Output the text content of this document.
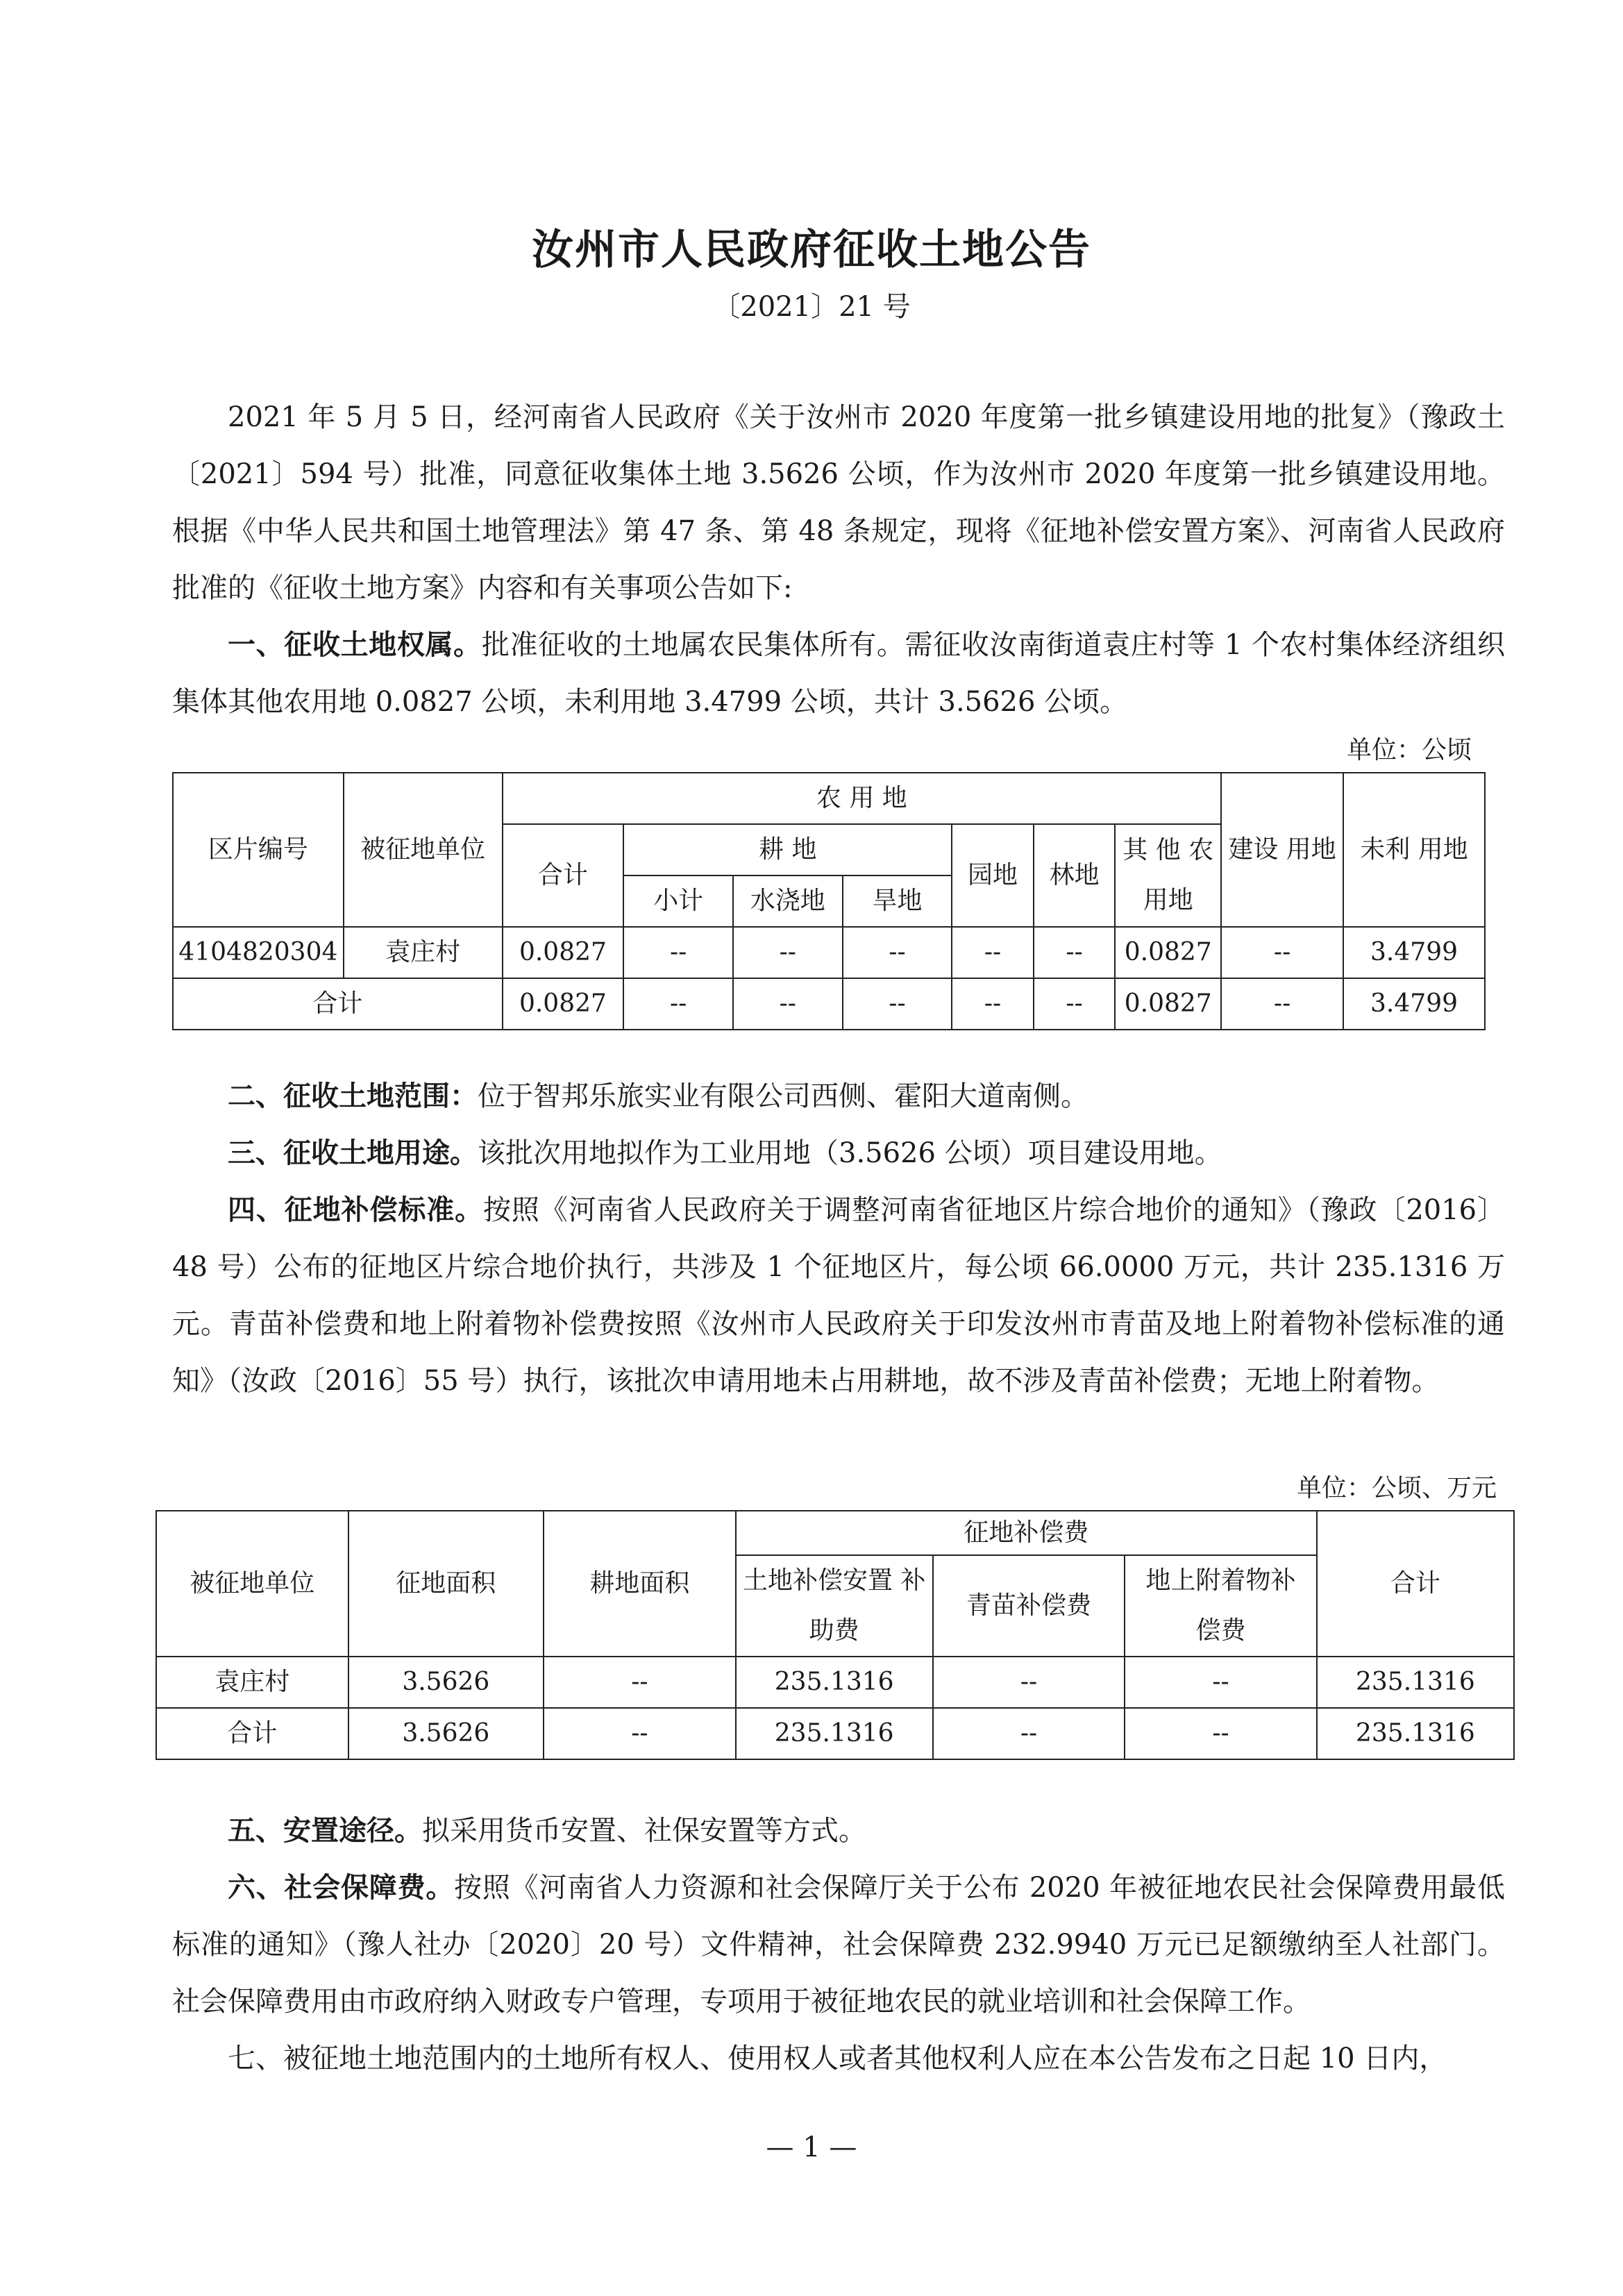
汝州市人民政府征收土地公告
〔2021〕21 号

2021 年 5 月 5 日，经河南省人民政府《关于汝州市 2020 年度第一批乡镇建设用地的批复》（豫政土〔2021〕594 号）批准，同意征收集体土地 3.5626 公顷，作为汝州市 2020 年度第一批乡镇建设用地。根据《中华人民共和国土地管理法》第 47 条、第 48 条规定，现将《征地补偿安置方案》、河南省人民政府批准的《征收土地方案》内容和有关事项公告如下:

一、征收土地权属。批准征收的土地属农民集体所有。需征收汝南街道袁庄村等 1 个农村集体经济组织集体其他农用地 0.0827 公顷，未利用地 3.4799 公顷，共计 3.5626 公顷。

单位：公顷
区片编号	被征地单位	农 用 地							建设 用地	未利 用地
		合计	耕 地			园地	林地	其 他 农用地		
			小计	水浇地	旱地					
4104820304	袁庄村	0.0827	--	--	--	--	--	0.0827	--	3.4799
合计		0.0827	--	--	--	--	--	0.0827	--	3.4799

二、征收土地范围：位于智邦乐旅实业有限公司西侧、霍阳大道南侧。

三、征收土地用途。该批次用地拟作为工业用地（3.5626 公顷）项目建设用地。

四、征地补偿标准。按照《河南省人民政府关于调整河南省征地区片综合地价的通知》（豫政〔2016〕48 号）公布的征地区片综合地价执行，共涉及 1 个征地区片，每公顷 66.0000 万元，共计 235.1316 万元。青苗补偿费和地上附着物补偿费按照《汝州市人民政府关于印发汝州市青苗及地上附着物补偿标准的通知》（汝政〔2016〕55 号）执行，该批次申请用地未占用耕地，故不涉及青苗补偿费；无地上附着物。

单位：公顷、万元
被征地单位	征地面积	耕地面积	征地补偿费			合计
			土地补偿安置 补助费	青苗补偿费	地上附着物补 偿费	
袁庄村	3.5626	--	235.1316	--	--	235.1316
合计	3.5626	--	235.1316	--	--	235.1316

五、安置途径。拟采用货币安置、社保安置等方式。

六、社会保障费。按照《河南省人力资源和社会保障厅关于公布 2020 年被征地农民社会保障费用最低标准的通知》（豫人社办〔2020〕20 号）文件精神，社会保障费 232.9940 万元已足额缴纳至人社部门。社会保障费用由市政府纳入财政专户管理，专项用于被征地农民的就业培训和社会保障工作。

七、被征地土地范围内的土地所有权人、使用权人或者其他权利人应在本公告发布之日起 10 日内，

— 1 —
